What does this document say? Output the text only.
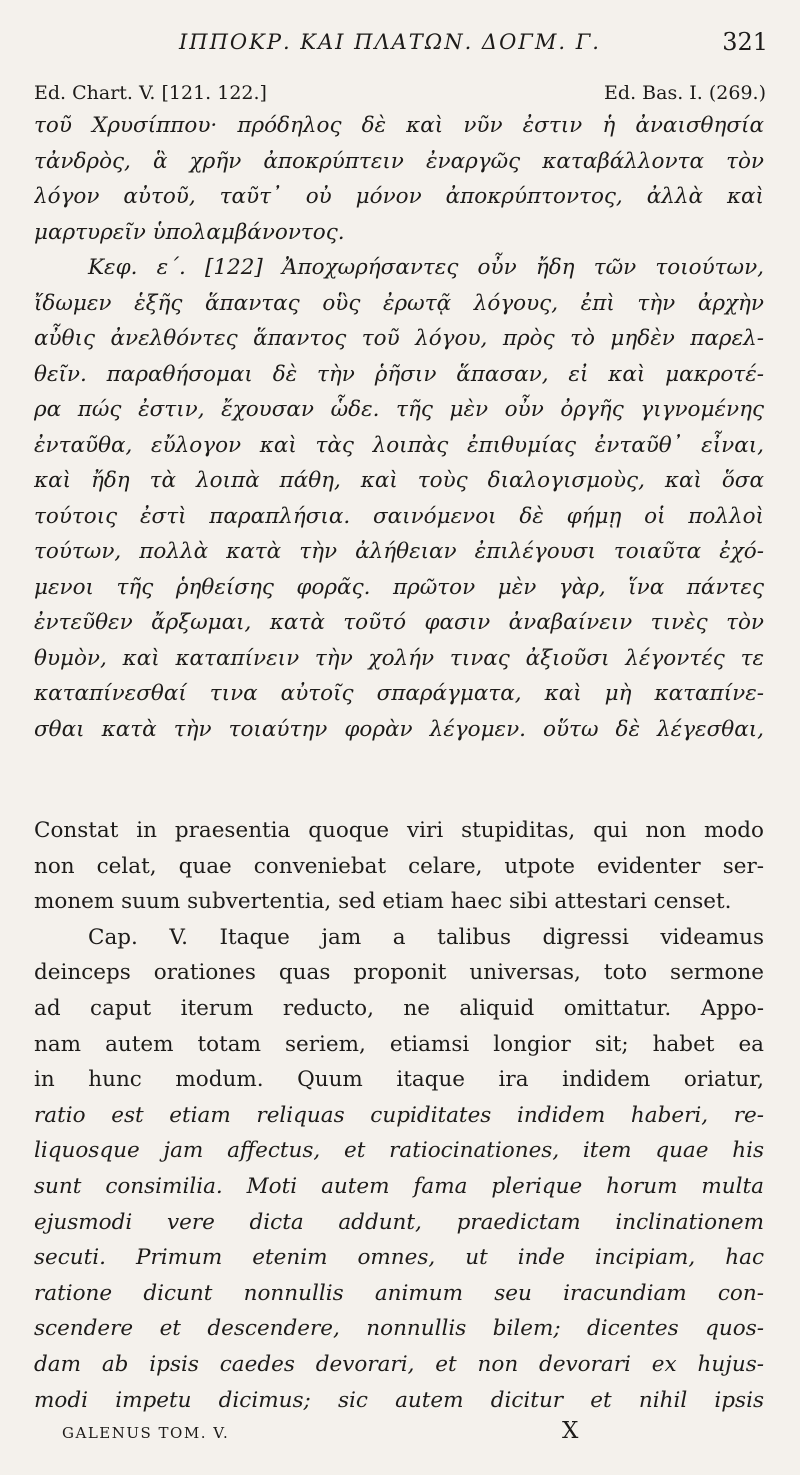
ΙΠΠΟΚΡ. ΚΑΙ ΠΛΑΤΩΝ. ΔΟΓΜ. Γ.	321
Ed. Chart. V. [121. 122.]	Ed. Bas. I. (269.)
τοῦ Χρυσίππου· πρόδηλος δὲ καὶ νῦν ἐστιν ἡ ἀναισθησία
τἀνδρὸς, ἃ χρῆν ἀποκρύπτειν ἐναργῶς καταβάλλοντα τὸν
λόγον αὐτοῦ, ταῦτ᾽ οὐ μόνον ἀποκρύπτοντος, ἀλλὰ καὶ
μαρτυρεῖν ὑπολαμβάνοντος.
Κεφ. ε΄. [122] Ἀποχωρήσαντες οὖν ἤδη τῶν τοιούτων,
ἴδωμεν ἑξῆς ἅπαντας οὓς ἐρωτᾷ λόγους, ἐπὶ τὴν ἀρχὴν
αὖθις ἀνελθόντες ἅπαντος τοῦ λόγου, πρὸς τὸ μηδὲν παρελ-
θεῖν. παραθήσομαι δὲ τὴν ῥῆσιν ἅπασαν, εἰ καὶ μακροτέ-
ρα πώς ἐστιν, ἔχουσαν ὧδε. τῆς μὲν οὖν ὀργῆς γιγνομένης
ἐνταῦθα, εὔλογον καὶ τὰς λοιπὰς ἐπιθυμίας ἐνταῦθ᾽ εἶναι,
καὶ ἤδη τὰ λοιπὰ πάθη, καὶ τοὺς διαλογισμοὺς, καὶ ὅσα
τούτοις ἐστὶ παραπλήσια. σαινόμενοι δὲ φήμῃ οἱ πολλοὶ
τούτων, πολλὰ κατὰ τὴν ἀλήθειαν ἐπιλέγουσι τοιαῦτα ἐχό-
μενοι τῆς ῥηθείσης φορᾶς. πρῶτον μὲν γὰρ, ἵνα πάντες
ἐντεῦθεν ἄρξωμαι, κατὰ τοῦτό φασιν ἀναβαίνειν τινὲς τὸν
θυμὸν, καὶ καταπίνειν τὴν χολήν τινας ἀξιοῦσι λέγοντές τε
καταπίνεσθαί τινα αὐτοῖς σπαράγματα, καὶ μὴ καταπίνε-
σθαι κατὰ τὴν τοιαύτην φορὰν λέγομεν. οὕτω δὲ λέγεσθαι,
Constat in praesentia quoque viri stupiditas, qui non modo
non celat, quae conveniebat celare, utpote evidenter ser-
monem suum subvertentia, sed etiam haec sibi attestari censet.
Cap. V. Itaque jam a talibus digressi videamus
deinceps orationes quas proponit universas, toto sermone
ad caput iterum reducto, ne aliquid omittatur. Appo-
nam autem totam seriem, etiamsi longior sit; habet ea
in hunc modum. Quum itaque ira indidem oriatur,
ratio est etiam reliquas cupiditates indidem haberi, re-
liquosque jam affectus, et ratiocinationes, item quae his
sunt consimilia. Moti autem fama plerique horum multa
ejusmodi vere dicta addunt, praedictam inclinationem
secuti. Primum etenim omnes, ut inde incipiam, hac
ratione dicunt nonnullis animum seu iracundiam con-
scendere et descendere, nonnullis bilem; dicentes quos-
dam ab ipsis caedes devorari, et non devorari ex hujus-
modi impetu dicimus; sic autem dicitur et nihil ipsis
GALENUS TOM. V.	X
